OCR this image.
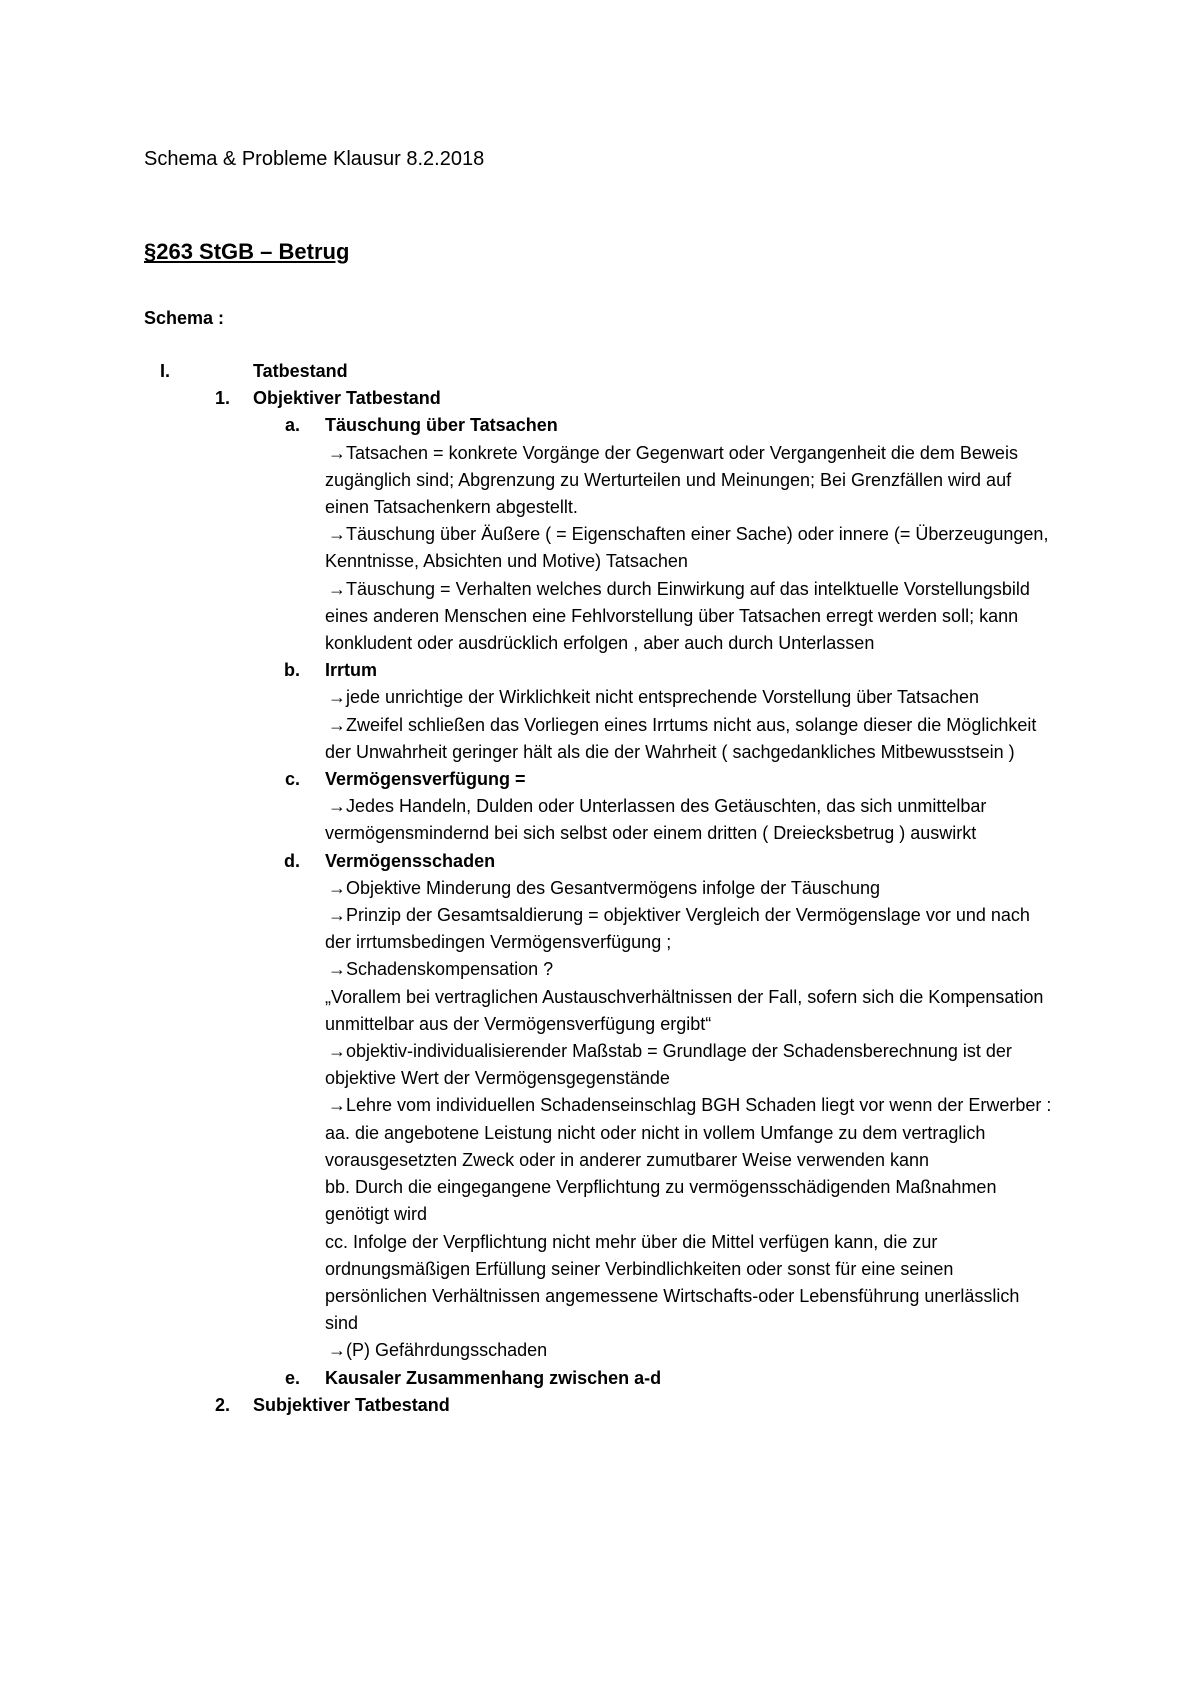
Schema & Probleme Klausur 8.2.2018
§263 StGB – Betrug

Schema :

I.	Tatbestand
1. Objektiver Tatbestand
a. Täuschung über Tatsachen
→Tatsachen = konkrete Vorgänge der Gegenwart oder Vergangenheit die dem Beweis zugänglich sind; Abgrenzung zu Werturteilen und Meinungen; Bei Grenzfällen wird auf einen Tatsachenkern abgestellt.
→Täuschung über Äußere ( = Eigenschaften einer Sache) oder innere (= Überzeugungen, Kenntnisse, Absichten und Motive) Tatsachen
→Täuschung = Verhalten welches durch Einwirkung auf das intelktuelle Vorstellungsbild eines anderen Menschen eine Fehlvorstellung über Tatsachen erregt werden soll; kann konkludent oder ausdrücklich erfolgen , aber auch durch Unterlassen
b. Irrtum
→jede unrichtige der Wirklichkeit nicht entsprechende Vorstellung über Tatsachen
→Zweifel schließen das Vorliegen eines Irrtums nicht aus, solange dieser die Möglichkeit der Unwahrheit geringer hält als die der Wahrheit ( sachgedankliches Mitbewusstsein )
c. Vermögensverfügung =
→Jedes Handeln, Dulden oder Unterlassen des Getäuschten, das sich unmittelbar vermögensmindernd bei sich selbst oder einem dritten ( Dreiecksbetrug ) auswirkt
d. Vermögensschaden
→Objektive Minderung des Gesantvermögens infolge der Täuschung
→Prinzip der Gesamtsaldierung = objektiver Vergleich der Vermögenslage vor und nach der irrtumsbedingen Vermögensverfügung ;
→Schadenskompensation ?
„Vorallem bei vertraglichen Austauschverhältnissen der Fall, sofern sich die Kompensation unmittelbar aus der Vermögensverfügung ergibt“
→objektiv-individualisierender Maßstab = Grundlage der Schadensberechnung ist der objektive Wert der Vermögensgegenstände
→Lehre vom individuellen Schadenseinschlag BGH Schaden liegt vor wenn der Erwerber :
aa. die angebotene Leistung nicht oder nicht in vollem Umfange zu dem vertraglich vorausgesetzten Zweck oder in anderer zumutbarer Weise verwenden kann
bb. Durch die eingegangene Verpflichtung zu vermögensschädigenden Maßnahmen genötigt wird
cc. Infolge der Verpflichtung nicht mehr über die Mittel verfügen kann, die zur ordnungsmäßigen Erfüllung seiner Verbindlichkeiten oder sonst für eine seinen persönlichen Verhältnissen angemessene Wirtschafts-oder Lebensführung unerlässlich sind
→(P) Gefährdungsschaden
e. Kausaler Zusammenhang zwischen a-d
2. Subjektiver Tatbestand
